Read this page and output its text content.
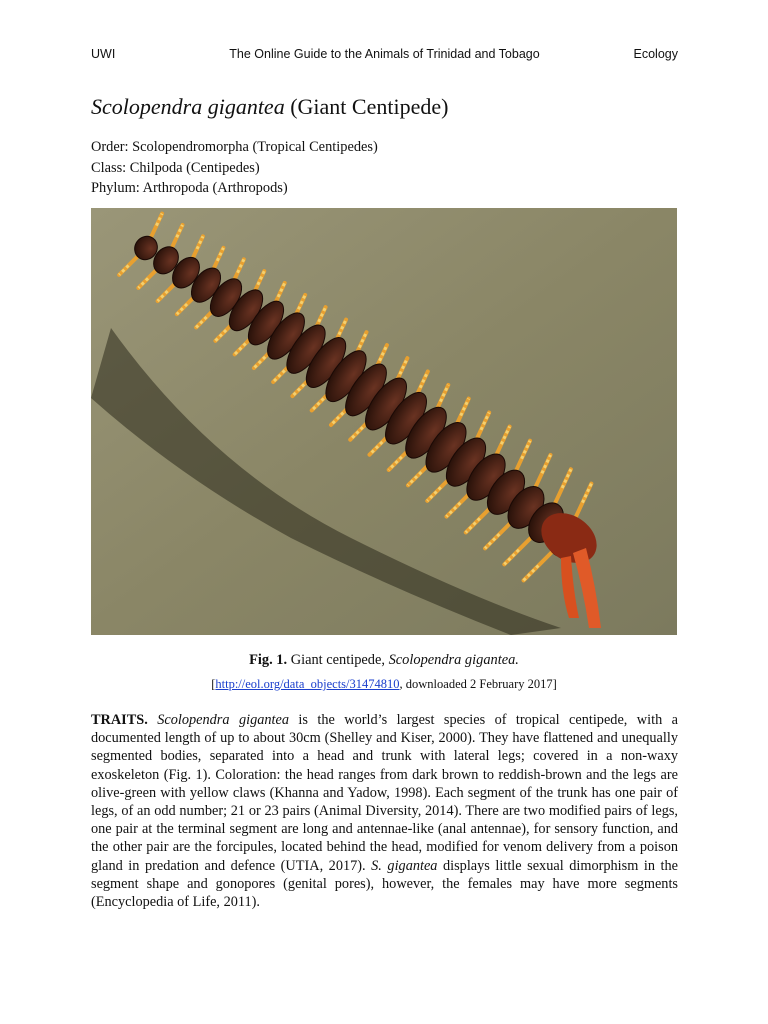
UWI	The Online Guide to the Animals of Trinidad and Tobago	Ecology
Scolopendra gigantea (Giant Centipede)
Order: Scolopendromorpha (Tropical Centipedes)
Class: Chilpoda (Centipedes)
Phylum: Arthropoda (Arthropods)
Fig. 1. Giant centipede, Scolopendra gigantea.
[http://eol.org/data_objects/31474810, downloaded 2 February 2017]
TRAITS. Scolopendra gigantea is the world’s largest species of tropical centipede, with a documented length of up to about 30cm (Shelley and Kiser, 2000). They have flattened and unequally segmented bodies, separated into a head and trunk with lateral legs; covered in a non-waxy exoskeleton (Fig. 1). Coloration: the head ranges from dark brown to reddish-brown and the legs are olive-green with yellow claws (Khanna and Yadow, 1998). Each segment of the trunk has one pair of legs, of an odd number; 21 or 23 pairs (Animal Diversity, 2014). There are two modified pairs of legs, one pair at the terminal segment are long and antennae-like (anal antennae), for sensory function, and the other pair are the forcipules, located behind the head, modified for venom delivery from a poison gland in predation and defence (UTIA, 2017). S. gigantea displays little sexual dimorphism in the segment shape and gonopores (genital pores), however, the females may have more segments (Encyclopedia of Life, 2011).
